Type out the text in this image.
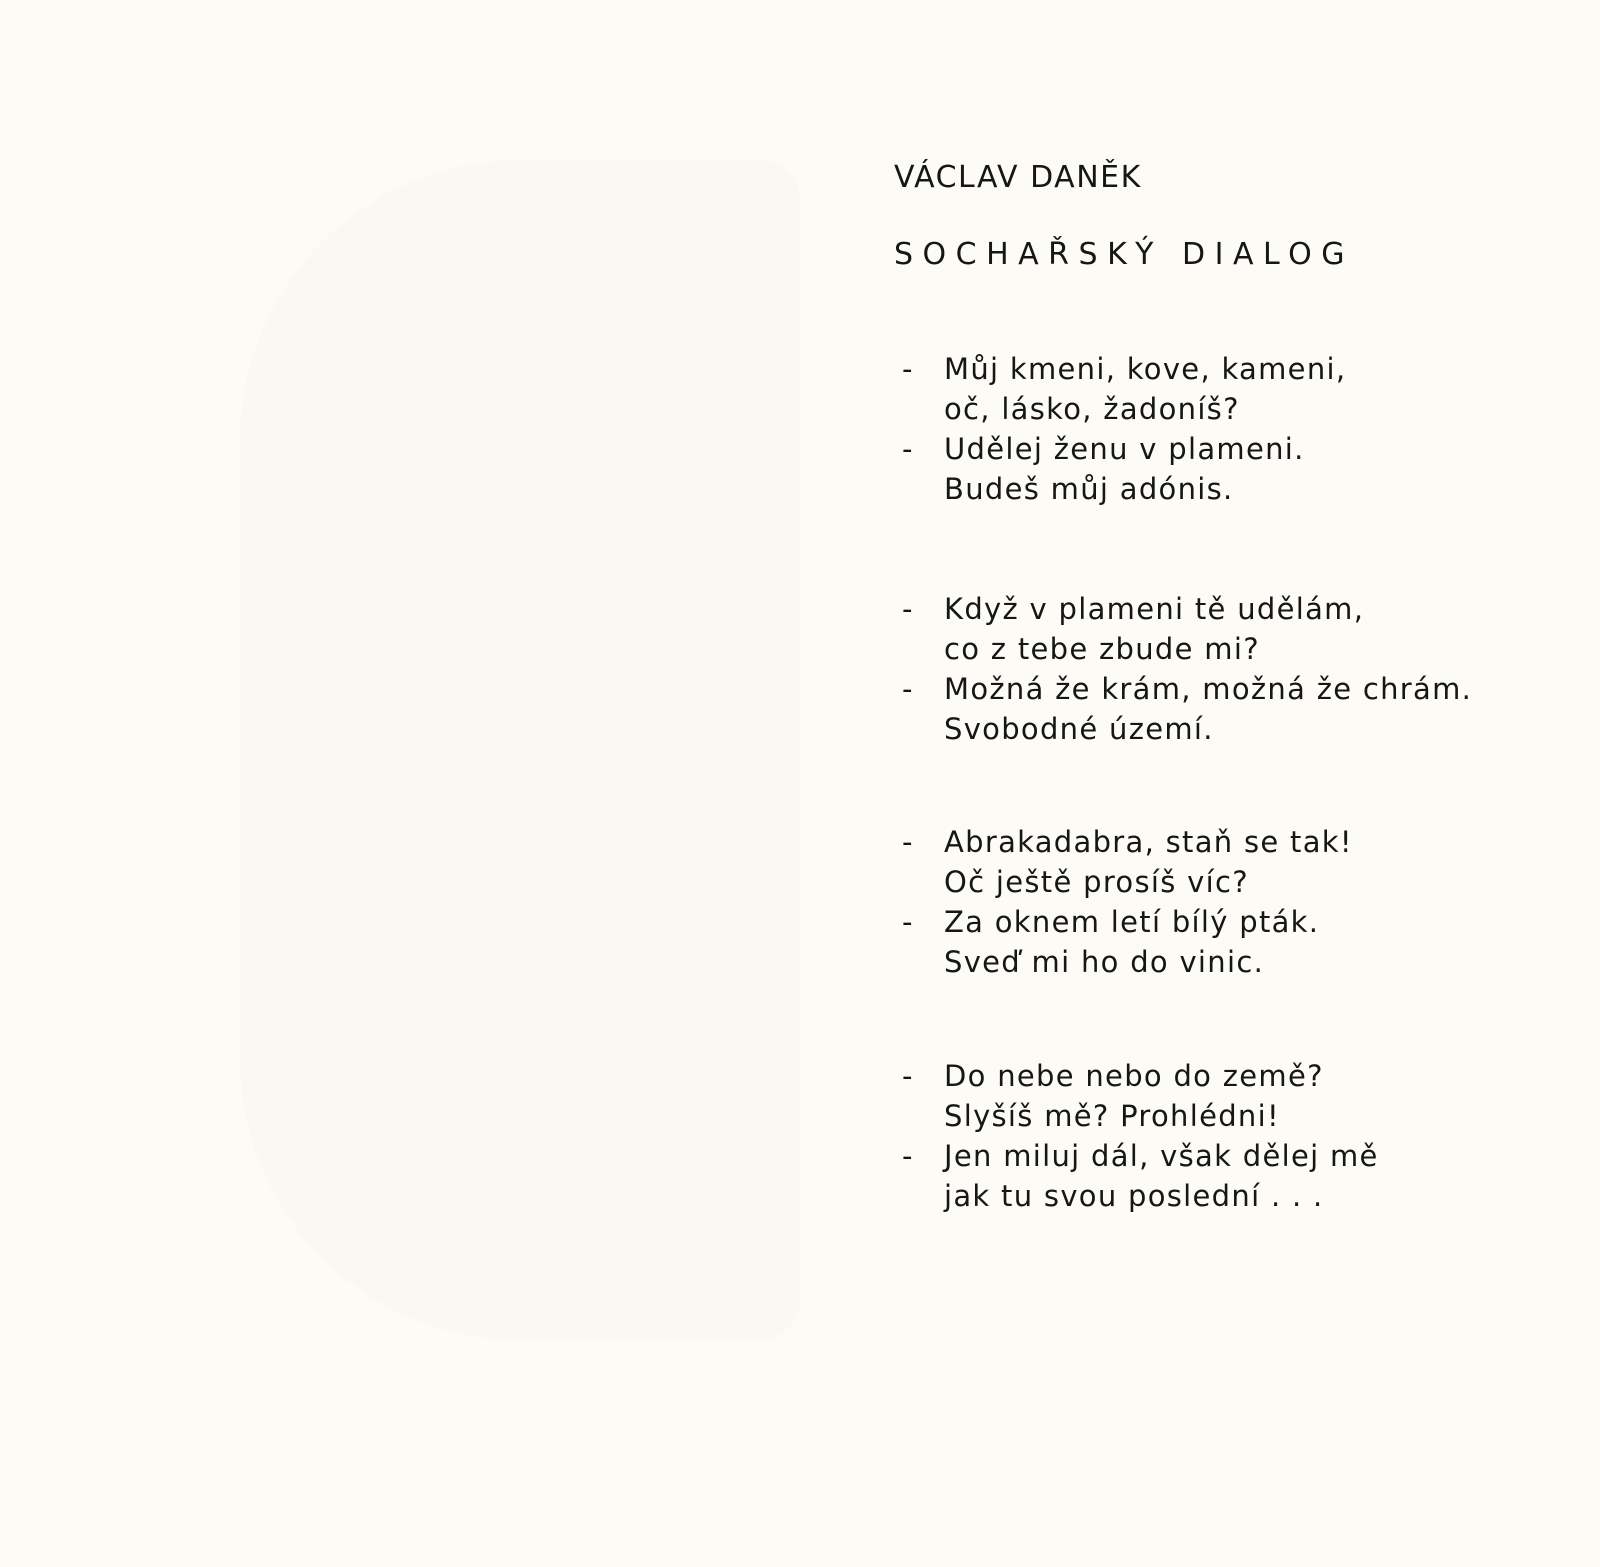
VÁCLAV DANĚK
SOCHAŘSKÝ DIALOG
- Můj kmeni, kove, kameni,
oč, lásko, žadoníš?
- Udělej ženu v plameni.
Budeš můj adónis.
- Když v plameni tě udělám,
co z tebe zbude mi?
- Možná že krám, možná že chrám.
Svobodné území.
- Abrakadabra, staň se tak!
Oč ještě prosíš víc?
- Za oknem letí bílý pták.
Sveď mi ho do vinic.
- Do nebe nebo do země?
Slyšíš mě? Prohlédni!
- Jen miluj dál, však dělej mě
jak tu svou poslední . . .
